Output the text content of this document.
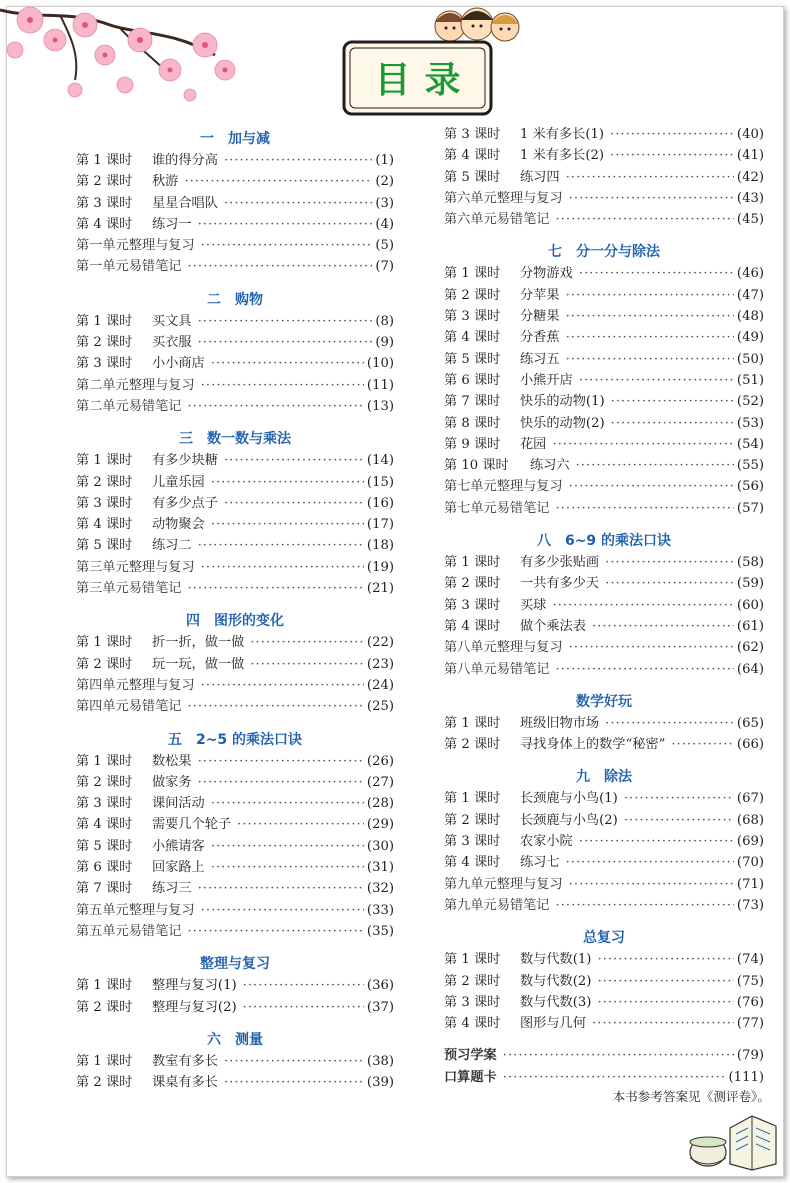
目录
一　加与减
第 1 课时	谁的得分高 ·····	(1)
第 2 课时	秋游 ·····	(2)
第 3 课时	星星合唱队 ·····	(3)
第 4 课时	练习一 ·····	(4)
第一单元整理与复习 ·····	(5)
第一单元易错笔记 ·····	(7)
二　购物
第 1 课时	买文具 ·····	(8)
第 2 课时	买衣服 ·····	(9)
第 3 课时	小小商店 ·····	(10)
第二单元整理与复习 ·····	(11)
第二单元易错笔记 ·····	(13)
三　数一数与乘法
第 1 课时	有多少块糖 ·····	(14)
第 2 课时	儿童乐园 ·····	(15)
第 3 课时	有多少点子 ·····	(16)
第 4 课时	动物聚会 ·····	(17)
第 5 课时	练习二 ·····	(18)
第三单元整理与复习 ·····	(19)
第三单元易错笔记 ·····	(21)
四　图形的变化
第 1 课时	折一折，做一做 ·····	(22)
第 2 课时	玩一玩，做一做 ·····	(23)
第四单元整理与复习 ·····	(24)
第四单元易错笔记 ·····	(25)
五　2~5 的乘法口诀
第 1 课时	数松果 ·····	(26)
第 2 课时	做家务 ·····	(27)
第 3 课时	课间活动 ·····	(28)
第 4 课时	需要几个轮子 ·····	(29)
第 5 课时	小熊请客 ·····	(30)
第 6 课时	回家路上 ·····	(31)
第 7 课时	练习三 ·····	(32)
第五单元整理与复习 ·····	(33)
第五单元易错笔记 ·····	(35)
整理与复习
第 1 课时	整理与复习(1) ·····	(36)
第 2 课时	整理与复习(2) ·····	(37)
六　测量
第 1 课时	教室有多长 ·····	(38)
第 2 课时	课桌有多长 ·····	(39)
第 3 课时	1 米有多长(1) ·····	(40)
第 4 课时	1 米有多长(2) ·····	(41)
第 5 课时	练习四 ·····	(42)
第六单元整理与复习 ·····	(43)
第六单元易错笔记 ·····	(45)
七　分一分与除法
第 1 课时	分物游戏 ·····	(46)
第 2 课时	分苹果 ·····	(47)
第 3 课时	分糖果 ·····	(48)
第 4 课时	分香蕉 ·····	(49)
第 5 课时	练习五 ·····	(50)
第 6 课时	小熊开店 ·····	(51)
第 7 课时	快乐的动物(1) ·····	(52)
第 8 课时	快乐的动物(2) ·····	(53)
第 9 课时	花园 ·····	(54)
第 10 课时	练习六 ·····	(55)
第七单元整理与复习 ·····	(56)
第七单元易错笔记 ·····	(57)
八　6~9 的乘法口诀
第 1 课时	有多少张贴画 ·····	(58)
第 2 课时	一共有多少天 ·····	(59)
第 3 课时	买球 ·····	(60)
第 4 课时	做个乘法表 ·····	(61)
第八单元整理与复习 ·····	(62)
第八单元易错笔记 ·····	(64)
数学好玩
第 1 课时	班级旧物市场 ·····	(65)
第 2 课时	寻找身体上的数学“秘密” ·····	(66)
九　除法
第 1 课时	长颈鹿与小鸟(1) ·····	(67)
第 2 课时	长颈鹿与小鸟(2) ·····	(68)
第 3 课时	农家小院 ·····	(69)
第 4 课时	练习七 ·····	(70)
第九单元整理与复习 ·····	(71)
第九单元易错笔记 ·····	(73)
总复习
第 1 课时	数与代数(1) ·····	(74)
第 2 课时	数与代数(2) ·····	(75)
第 3 课时	数与代数(3) ·····	(76)
第 4 课时	图形与几何 ·····	(77)
预习学案 ·····	(79)
口算题卡 ·····	(111)
本书参考答案见《测评卷》。
